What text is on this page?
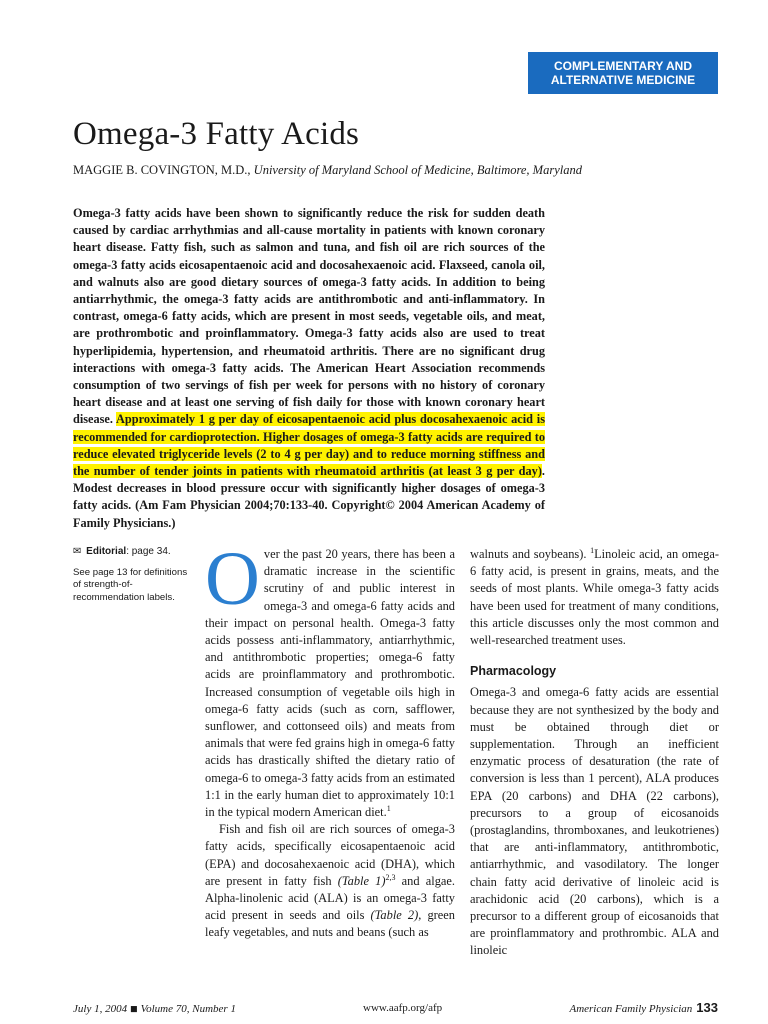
COMPLEMENTARY AND
ALTERNATIVE MEDICINE
Omega-3 Fatty Acids
MAGGIE B. COVINGTON, M.D., University of Maryland School of Medicine, Baltimore, Maryland

Omega-3 fatty acids have been shown to significantly reduce the risk for sudden death caused by cardiac arrhythmias and all-cause mortality in patients with known coronary heart disease. Fatty fish, such as salmon and tuna, and fish oil are rich sources of the omega-3 fatty acids eicosapentaenoic acid and docosahexaenoic acid. Flaxseed, canola oil, and walnuts also are good dietary sources of omega-3 fatty acids. In addition to being antiarrhythmic, the omega-3 fatty acids are antithrombotic and anti-inflammatory. In contrast, omega-6 fatty acids, which are present in most seeds, vegetable oils, and meat, are prothrombotic and proinflammatory. Omega-3 fatty acids also are used to treat hyperlipidemia, hypertension, and rheumatoid arthritis. There are no significant drug interactions with omega-3 fatty acids. The American Heart Association recommends consumption of two servings of fish per week for persons with no history of coronary heart disease and at least one serving of fish daily for those with known coronary heart disease. Approximately 1 g per day of eicosapentaenoic acid plus docosahexaenoic acid is recommended for cardioprotection. Higher dosages of omega-3 fatty acids are required to reduce elevated triglyceride levels (2 to 4 g per day) and to reduce morning stiffness and the number of tender joints in patients with rheumatoid arthritis (at least 3 g per day). Modest decreases in blood pressure occur with significantly higher dosages of omega-3 fatty acids. (Am Fam Physician 2004;70:133-40. Copyright© 2004 American Academy of Family Physicians.)

✉ Editorial: page 34.
See page 13 for definitions of strength-of-recommendation labels. Over the past 20 years, there has been a dramatic increase in the scientific scrutiny of and public interest in omega-3 and omega-6 fatty acids and their impact on personal health. Omega-3 fatty acids possess anti-inflammatory, antiarrhythmic, and antithrombotic properties; omega-6 fatty acids are proinflammatory and prothrombotic. Increased consumption of vegetable oils high in omega-6 fatty acids (such as corn, safflower, sunflower, and cottonseed oils) and meats from animals that were fed grains high in omega-6 fatty acids has drastically shifted the dietary ratio of omega-6 to omega-3 fatty acids from an estimated 1:1 in the early human diet to approximately 10:1 in the typical modern American diet.$^1$

Fish and fish oil are rich sources of omega-3 fatty acids, specifically eicosapentaenoic acid (EPA) and docosahexaenoic acid (DHA), which are present in fatty fish (Table 1)$^{2,3}$ and algae. Alpha-linolenic acid (ALA) is an omega-3 fatty acid present in seeds and oils (Table 2), green leafy vegetables, and nuts and beans (such as

walnuts and soybeans). $^1$Linoleic acid, an omega-6 fatty acid, is present in grains, meats, and the seeds of most plants. While omega-3 fatty acids have been used for treatment of many conditions, this article discusses only the most common and well-researched treatment uses.

Pharmacology

Omega-3 and omega-6 fatty acids are essential because they are not synthesized by the body and must be obtained through diet or supplementation. Through an inefficient enzymatic process of desaturation (the rate of conversion is less than 1 percent), ALA produces EPA (20 carbons) and DHA (22 carbons), precursors to a group of eicosanoids (prostaglandins, thromboxanes, and leukotrienes) that are anti-inflammatory, antithrombotic, antiarrhythmic, and vasodilatory. The longer chain fatty acid derivative of linoleic acid is arachidonic acid (20 carbons), which is a precursor to a different group of eicosanoids that are proinflammatory and prothrombic. ALA and linoleic

July 1, 2004 ◾ Volume 70, Number 1	www.aafp.org/afp	American Family Physician 133
